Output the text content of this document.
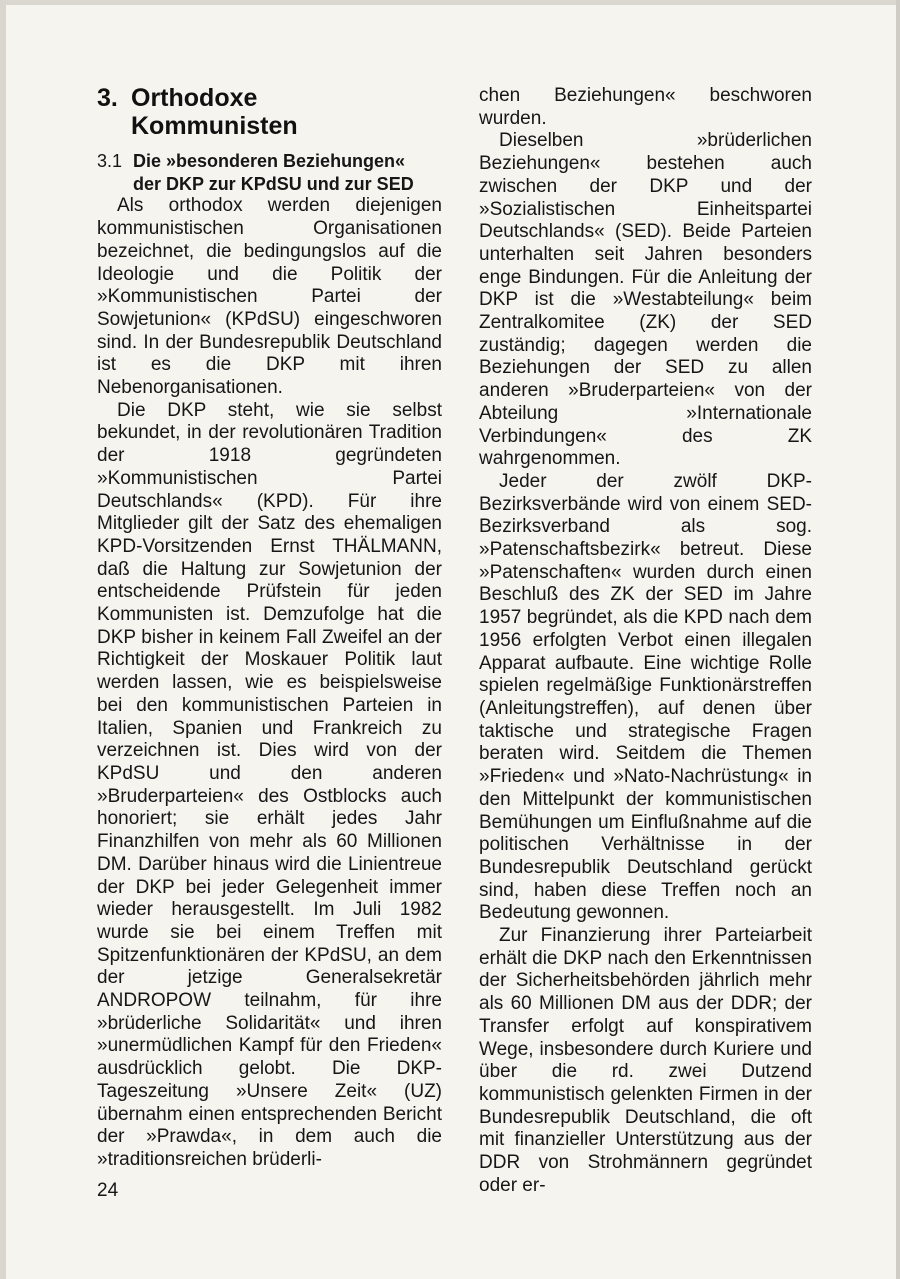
3. Orthodoxe
Kommunisten

3.1 Die »besonderen Beziehungen«
der DKP zur KPdSU und zur SED

Als orthodox werden diejenigen kommunistischen Organisationen bezeichnet, die bedingungslos auf die Ideologie und die Politik der »Kommunistischen Partei der Sowjetunion« (KPdSU) eingeschworen sind. In der Bundesrepublik Deutschland ist es die DKP mit ihren Nebenorganisationen.

Die DKP steht, wie sie selbst bekundet, in der revolutionären Tradition der 1918 gegründeten »Kommunistischen Partei Deutschlands« (KPD). Für ihre Mitglieder gilt der Satz des ehemaligen KPD-Vorsitzenden Ernst THÄLMANN, daß die Haltung zur Sowjetunion der entscheidende Prüfstein für jeden Kommunisten ist. Demzufolge hat die DKP bisher in keinem Fall Zweifel an der Richtigkeit der Moskauer Politik laut werden lassen, wie es beispielsweise bei den kommunistischen Parteien in Italien, Spanien und Frankreich zu verzeichnen ist. Dies wird von der KPdSU und den anderen »Bruderparteien« des Ostblocks auch honoriert; sie erhält jedes Jahr Finanzhilfen von mehr als 60 Millionen DM. Darüber hinaus wird die Linientreue der DKP bei jeder Gelegenheit immer wieder herausgestellt. Im Juli 1982 wurde sie bei einem Treffen mit Spitzenfunktionären der KPdSU, an dem der jetzige Generalsekretär ANDROPOW teilnahm, für ihre »brüderliche Solidarität« und ihren »unermüdlichen Kampf für den Frieden« ausdrücklich gelobt. Die DKP-Tageszeitung »Unsere Zeit« (UZ) übernahm einen entsprechenden Bericht der »Prawda«, in dem auch die »traditionsreichen brüderli-

chen Beziehungen« beschworen wurden.

Dieselben »brüderlichen Beziehungen« bestehen auch zwischen der DKP und der »Sozialistischen Einheitspartei Deutschlands« (SED). Beide Parteien unterhalten seit Jahren besonders enge Bindungen. Für die Anleitung der DKP ist die »Westabteilung« beim Zentralkomitee (ZK) der SED zuständig; dagegen werden die Beziehungen der SED zu allen anderen »Bruderparteien« von der Abteilung »Internationale Verbindungen« des ZK wahrgenommen.

Jeder der zwölf DKP-Bezirksverbände wird von einem SED-Bezirksverband als sog. »Patenschaftsbezirk« betreut. Diese »Patenschaften« wurden durch einen Beschluß des ZK der SED im Jahre 1957 begründet, als die KPD nach dem 1956 erfolgten Verbot einen illegalen Apparat aufbaute. Eine wichtige Rolle spielen regelmäßige Funktionärstreffen (Anleitungstreffen), auf denen über taktische und strategische Fragen beraten wird. Seitdem die Themen »Frieden« und »Nato-Nachrüstung« in den Mittelpunkt der kommunistischen Bemühungen um Einflußnahme auf die politischen Verhältnisse in der Bundesrepublik Deutschland gerückt sind, haben diese Treffen noch an Bedeutung gewonnen.

Zur Finanzierung ihrer Parteiarbeit erhält die DKP nach den Erkenntnissen der Sicherheitsbehörden jährlich mehr als 60 Millionen DM aus der DDR; der Transfer erfolgt auf konspirativem Wege, insbesondere durch Kuriere und über die rd. zwei Dutzend kommunistisch gelenkten Firmen in der Bundesrepublik Deutschland, die oft mit finanzieller Unterstützung aus der DDR von Strohmännern gegründet oder er-

24
